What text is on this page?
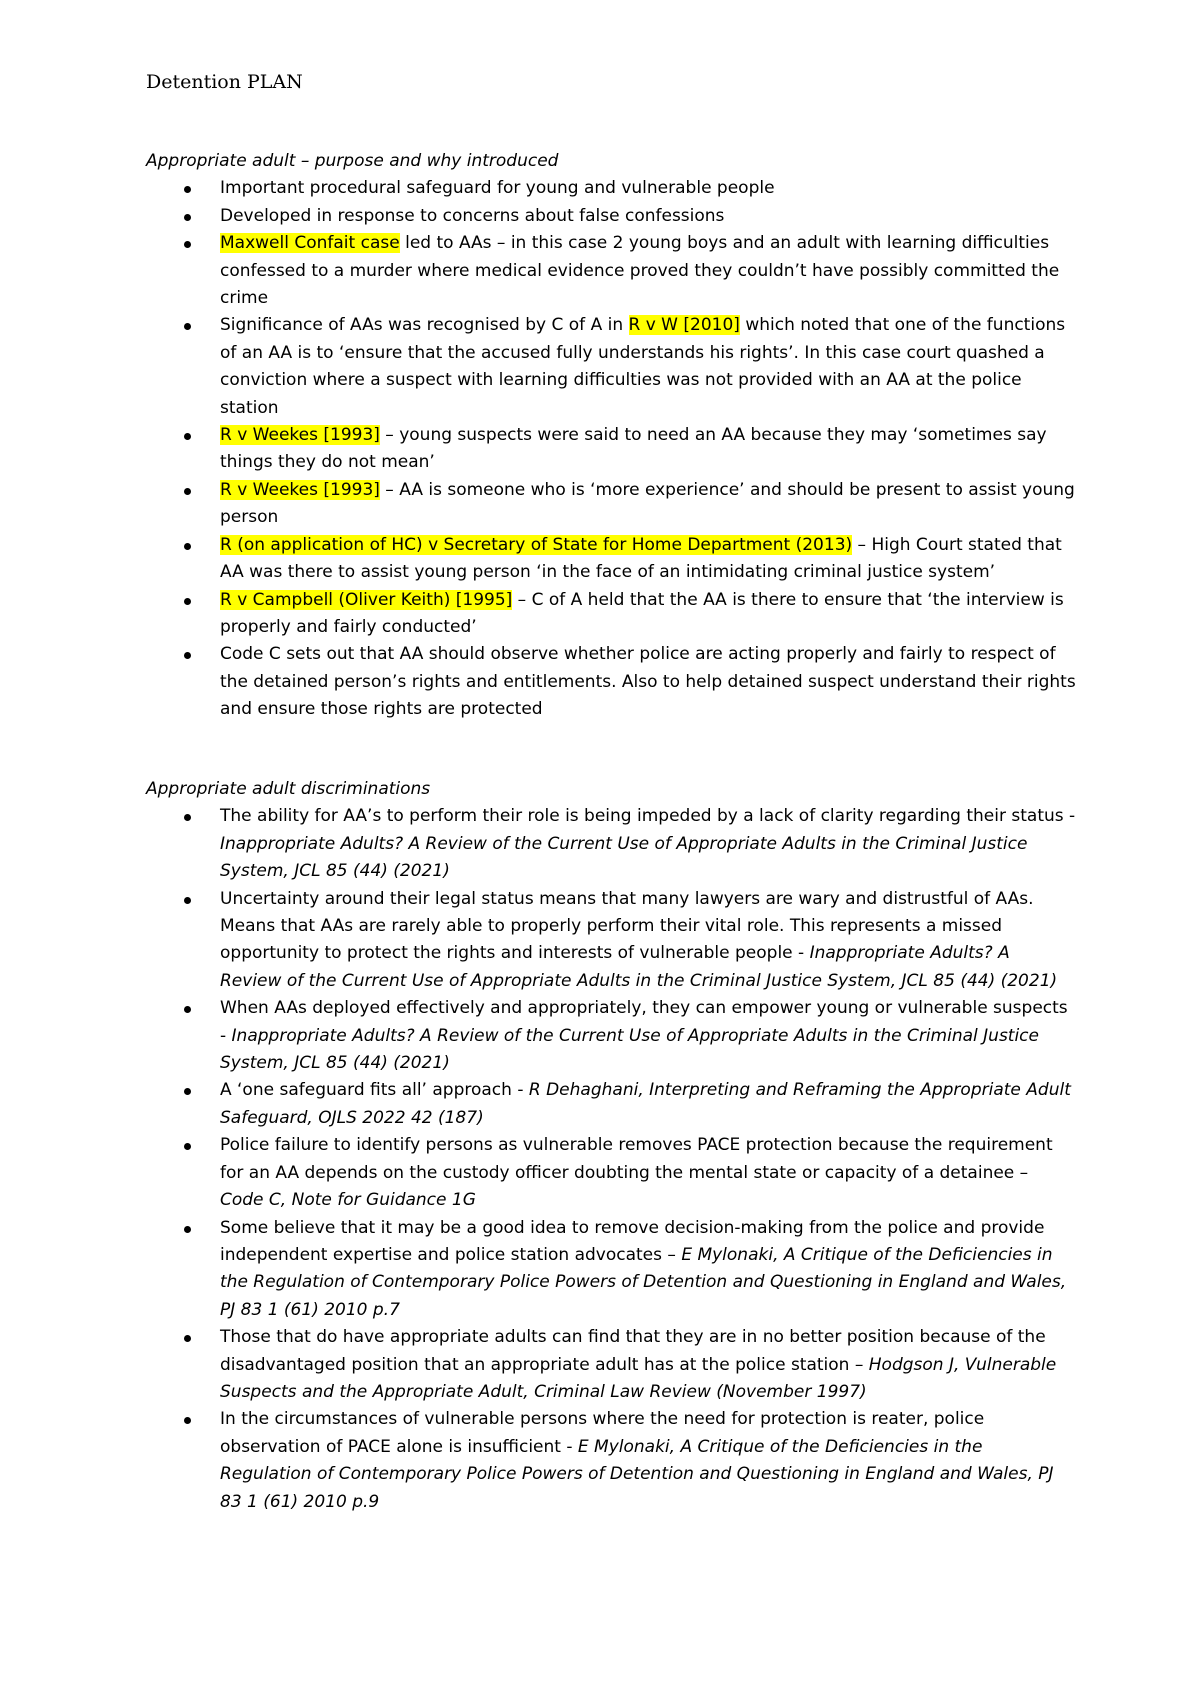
Detention PLAN

Appropriate adult – purpose and why introduced

Important procedural safeguard for young and vulnerable people
Developed in response to concerns about false confessions
Maxwell Confait case led to AAs – in this case 2 young boys and an adult with learning difficulties confessed to a murder where medical evidence proved they couldn’t have possibly committed the crime
Significance of AAs was recognised by C of A in R v W [2010] which noted that one of the functions of an AA is to ‘ensure that the accused fully understands his rights’. In this case court quashed a conviction where a suspect with learning difficulties was not provided with an AA at the police station
R v Weekes [1993] – young suspects were said to need an AA because they may ‘sometimes say things they do not mean’
R v Weekes [1993] – AA is someone who is ‘more experience’ and should be present to assist young person
R (on application of HC) v Secretary of State for Home Department (2013) – High Court stated that AA was there to assist young person ‘in the face of an intimidating criminal justice system’
R v Campbell (Oliver Keith) [1995] – C of A held that the AA is there to ensure that ‘the interview is properly and fairly conducted’
Code C sets out that AA should observe whether police are acting properly and fairly to respect of the detained person’s rights and entitlements. Also to help detained suspect understand their rights and ensure those rights are protected

Appropriate adult discriminations

The ability for AA’s to perform their role is being impeded by a lack of clarity regarding their status - Inappropriate Adults? A Review of the Current Use of Appropriate Adults in the Criminal Justice System, JCL 85 (44) (2021)
Uncertainty around their legal status means that many lawyers are wary and distrustful of AAs. Means that AAs are rarely able to properly perform their vital role. This represents a missed opportunity to protect the rights and interests of vulnerable people - Inappropriate Adults? A Review of the Current Use of Appropriate Adults in the Criminal Justice System, JCL 85 (44) (2021)
When AAs deployed effectively and appropriately, they can empower young or vulnerable suspects - Inappropriate Adults? A Review of the Current Use of Appropriate Adults in the Criminal Justice System, JCL 85 (44) (2021)
A ‘one safeguard fits all’ approach - R Dehaghani, Interpreting and Reframing the Appropriate Adult Safeguard, OJLS 2022 42 (187)
Police failure to identify persons as vulnerable removes PACE protection because the requirement for an AA depends on the custody officer doubting the mental state or capacity of a detainee – Code C, Note for Guidance 1G
Some believe that it may be a good idea to remove decision-making from the police and provide independent expertise and police station advocates – E Mylonaki, A Critique of the Deficiencies in the Regulation of Contemporary Police Powers of Detention and Questioning in England and Wales, PJ 83 1 (61) 2010 p.7
Those that do have appropriate adults can find that they are in no better position because of the disadvantaged position that an appropriate adult has at the police station – Hodgson J, Vulnerable Suspects and the Appropriate Adult, Criminal Law Review (November 1997)
In the circumstances of vulnerable persons where the need for protection is reater, police observation of PACE alone is insufficient - E Mylonaki, A Critique of the Deficiencies in the Regulation of Contemporary Police Powers of Detention and Questioning in England and Wales, PJ 83 1 (61) 2010 p.9
